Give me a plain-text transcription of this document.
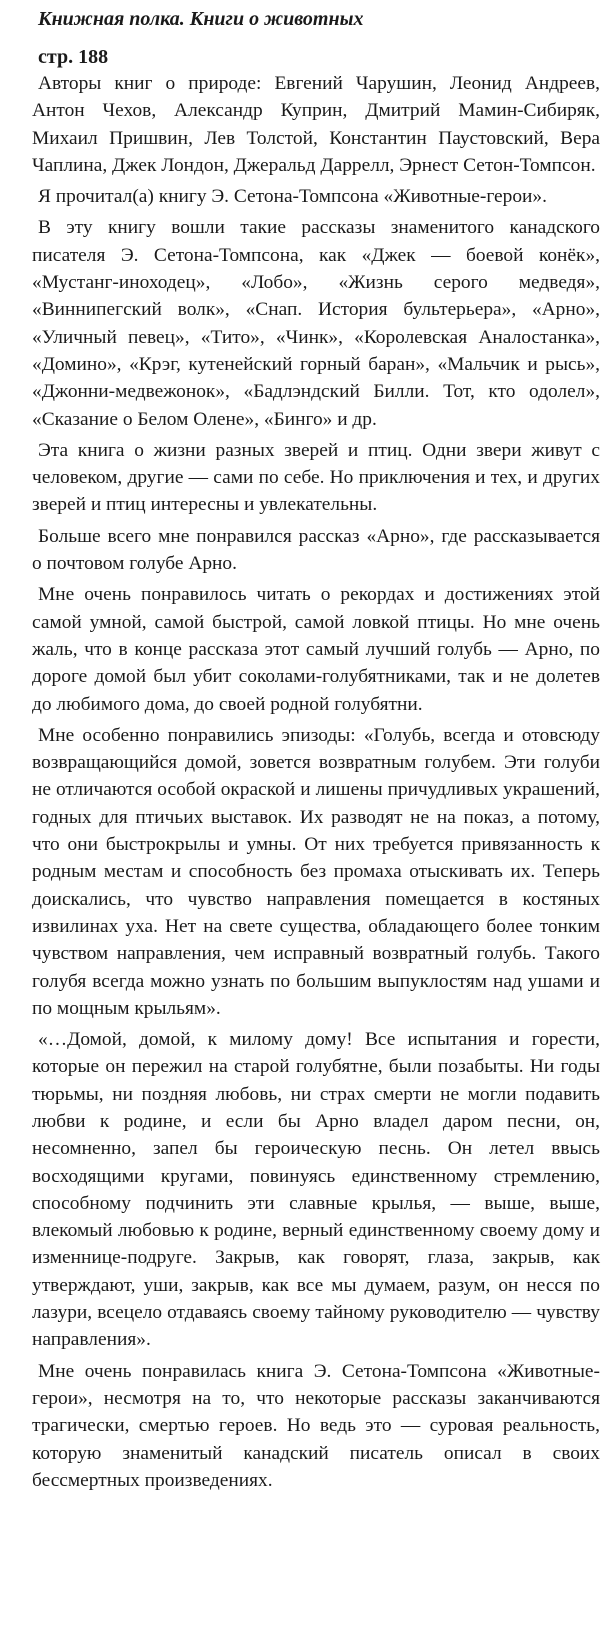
Книжная полка. Книги о животных
стр. 188

Авторы книг о природе: Евгений Чарушин, Леонид Андреев, Антон Чехов, Александр Куприн, Дмитрий Мамин-Сибиряк, Михаил Пришвин, Лев Толстой, Константин Паустовский, Вера Чаплина, Джек Лондон, Джеральд Даррелл, Эрнест Сетон-Томпсон.

Я прочитал(а) книгу Э. Сетона-Томпсона «Животные-герои».

В эту книгу вошли такие рассказы знаменитого канадского писателя Э. Сетона-Томпсона, как «Джек — боевой конёк», «Мустанг-иноходец», «Лобо», «Жизнь серого медведя», «Виннипегский волк», «Снап. История бультерьера», «Арно», «Уличный певец», «Тито», «Чинк», «Королевская Аналостанка», «Домино», «Крэг, кутенейский горный баран», «Мальчик и рысь», «Джонни-медвежонок», «Бадлэндский Билли. Тот, кто одолел», «Сказание о Белом Олене», «Бинго» и др.

Эта книга о жизни разных зверей и птиц. Одни звери живут с человеком, другие — сами по себе. Но приключения и тех, и других зверей и птиц интересны и увлекательны.

Больше всего мне понравился рассказ «Арно», где рассказывается о почтовом голубе Арно.

Мне очень понравилось читать о рекордах и достижениях этой самой умной, самой быстрой, самой ловкой птицы. Но мне очень жаль, что в конце рассказа этот самый лучший голубь — Арно, по дороге домой был убит соколами-голубятниками, так и не долетев до любимого дома, до своей родной голубятни.

Мне особенно понравились эпизоды: «Голубь, всегда и отовсюду возвращающийся домой, зовется возвратным голубем. Эти голуби не отличаются особой окраской и лишены причудливых украшений, годных для птичьих выставок. Их разводят не на показ, а потому, что они быстрокрылы и умны. От них требуется привязанность к родным местам и способность без промаха отыскивать их. Теперь доискались, что чувство направления помещается в костяных извилинах уха. Нет на свете существа, обладающего более тонким чувством направления, чем исправный возвратный голубь. Такого голубя всегда можно узнать по большим выпуклостям над ушами и по мощным крыльям».

«…Домой, домой, к милому дому! Все испытания и горести, которые он пережил на старой голубятне, были позабыты. Ни годы тюрьмы, ни поздняя любовь, ни страх смерти не могли подавить любви к родине, и если бы Арно владел даром песни, он, несомненно, запел бы героическую песнь. Он летел ввысь восходящими кругами, повинуясь единственному стремлению, способному подчинить эти славные крылья, — выше, выше, влекомый любовью к родине, верный единственному своему дому и изменнице-подруге. Закрыв, как говорят, глаза, закрыв, как утверждают, уши, закрыв, как все мы думаем, разум, он несся по лазури, всецело отдаваясь своему тайному руководителю — чувству направления».

Мне очень понравилась книга Э. Сетона-Томпсона «Животные-герои», несмотря на то, что некоторые рассказы заканчиваются трагически, смертью героев. Но ведь это — суровая реальность, которую знаменитый канадский писатель описал в своих бессмертных произведениях.
